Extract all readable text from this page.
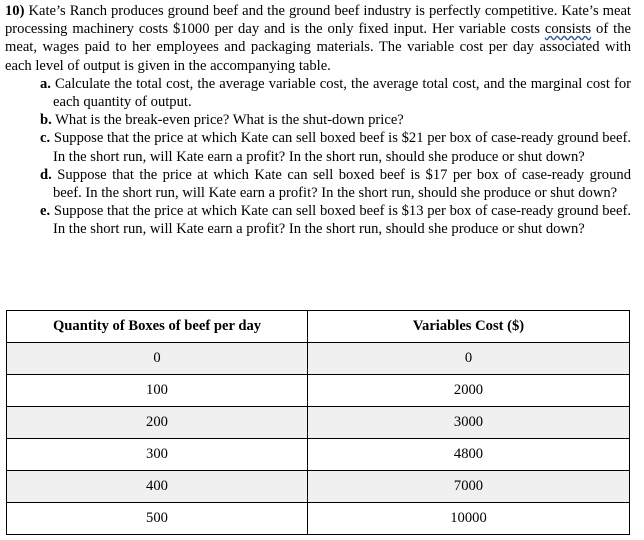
10) Kate’s Ranch produces ground beef and the ground beef industry is perfectly competitive. Kate’s meat processing machinery costs $1000 per day and is the only fixed input. Her variable costs consists of the meat, wages paid to her employees and packaging materials. The variable cost per day associated with each level of output is given in the accompanying table.

a. Calculate the total cost, the average variable cost, the average total cost, and the marginal cost for each quantity of output.
b. What is the break-even price? What is the shut-down price?
c. Suppose that the price at which Kate can sell boxed beef is $21 per box of case-ready ground beef. In the short run, will Kate earn a profit? In the short run, should she produce or shut down?
d. Suppose that the price at which Kate can sell boxed beef is $17 per box of case-ready ground beef. In the short run, will Kate earn a profit? In the short run, should she produce or shut down?
e. Suppose that the price at which Kate can sell boxed beef is $13 per box of case-ready ground beef. In the short run, will Kate earn a profit? In the short run, should she produce or shut down?
Quantity of Boxes of beef per day	Variables Cost ($)
0	0
100	2000
200	3000
300	4800
400	7000
500	10000
